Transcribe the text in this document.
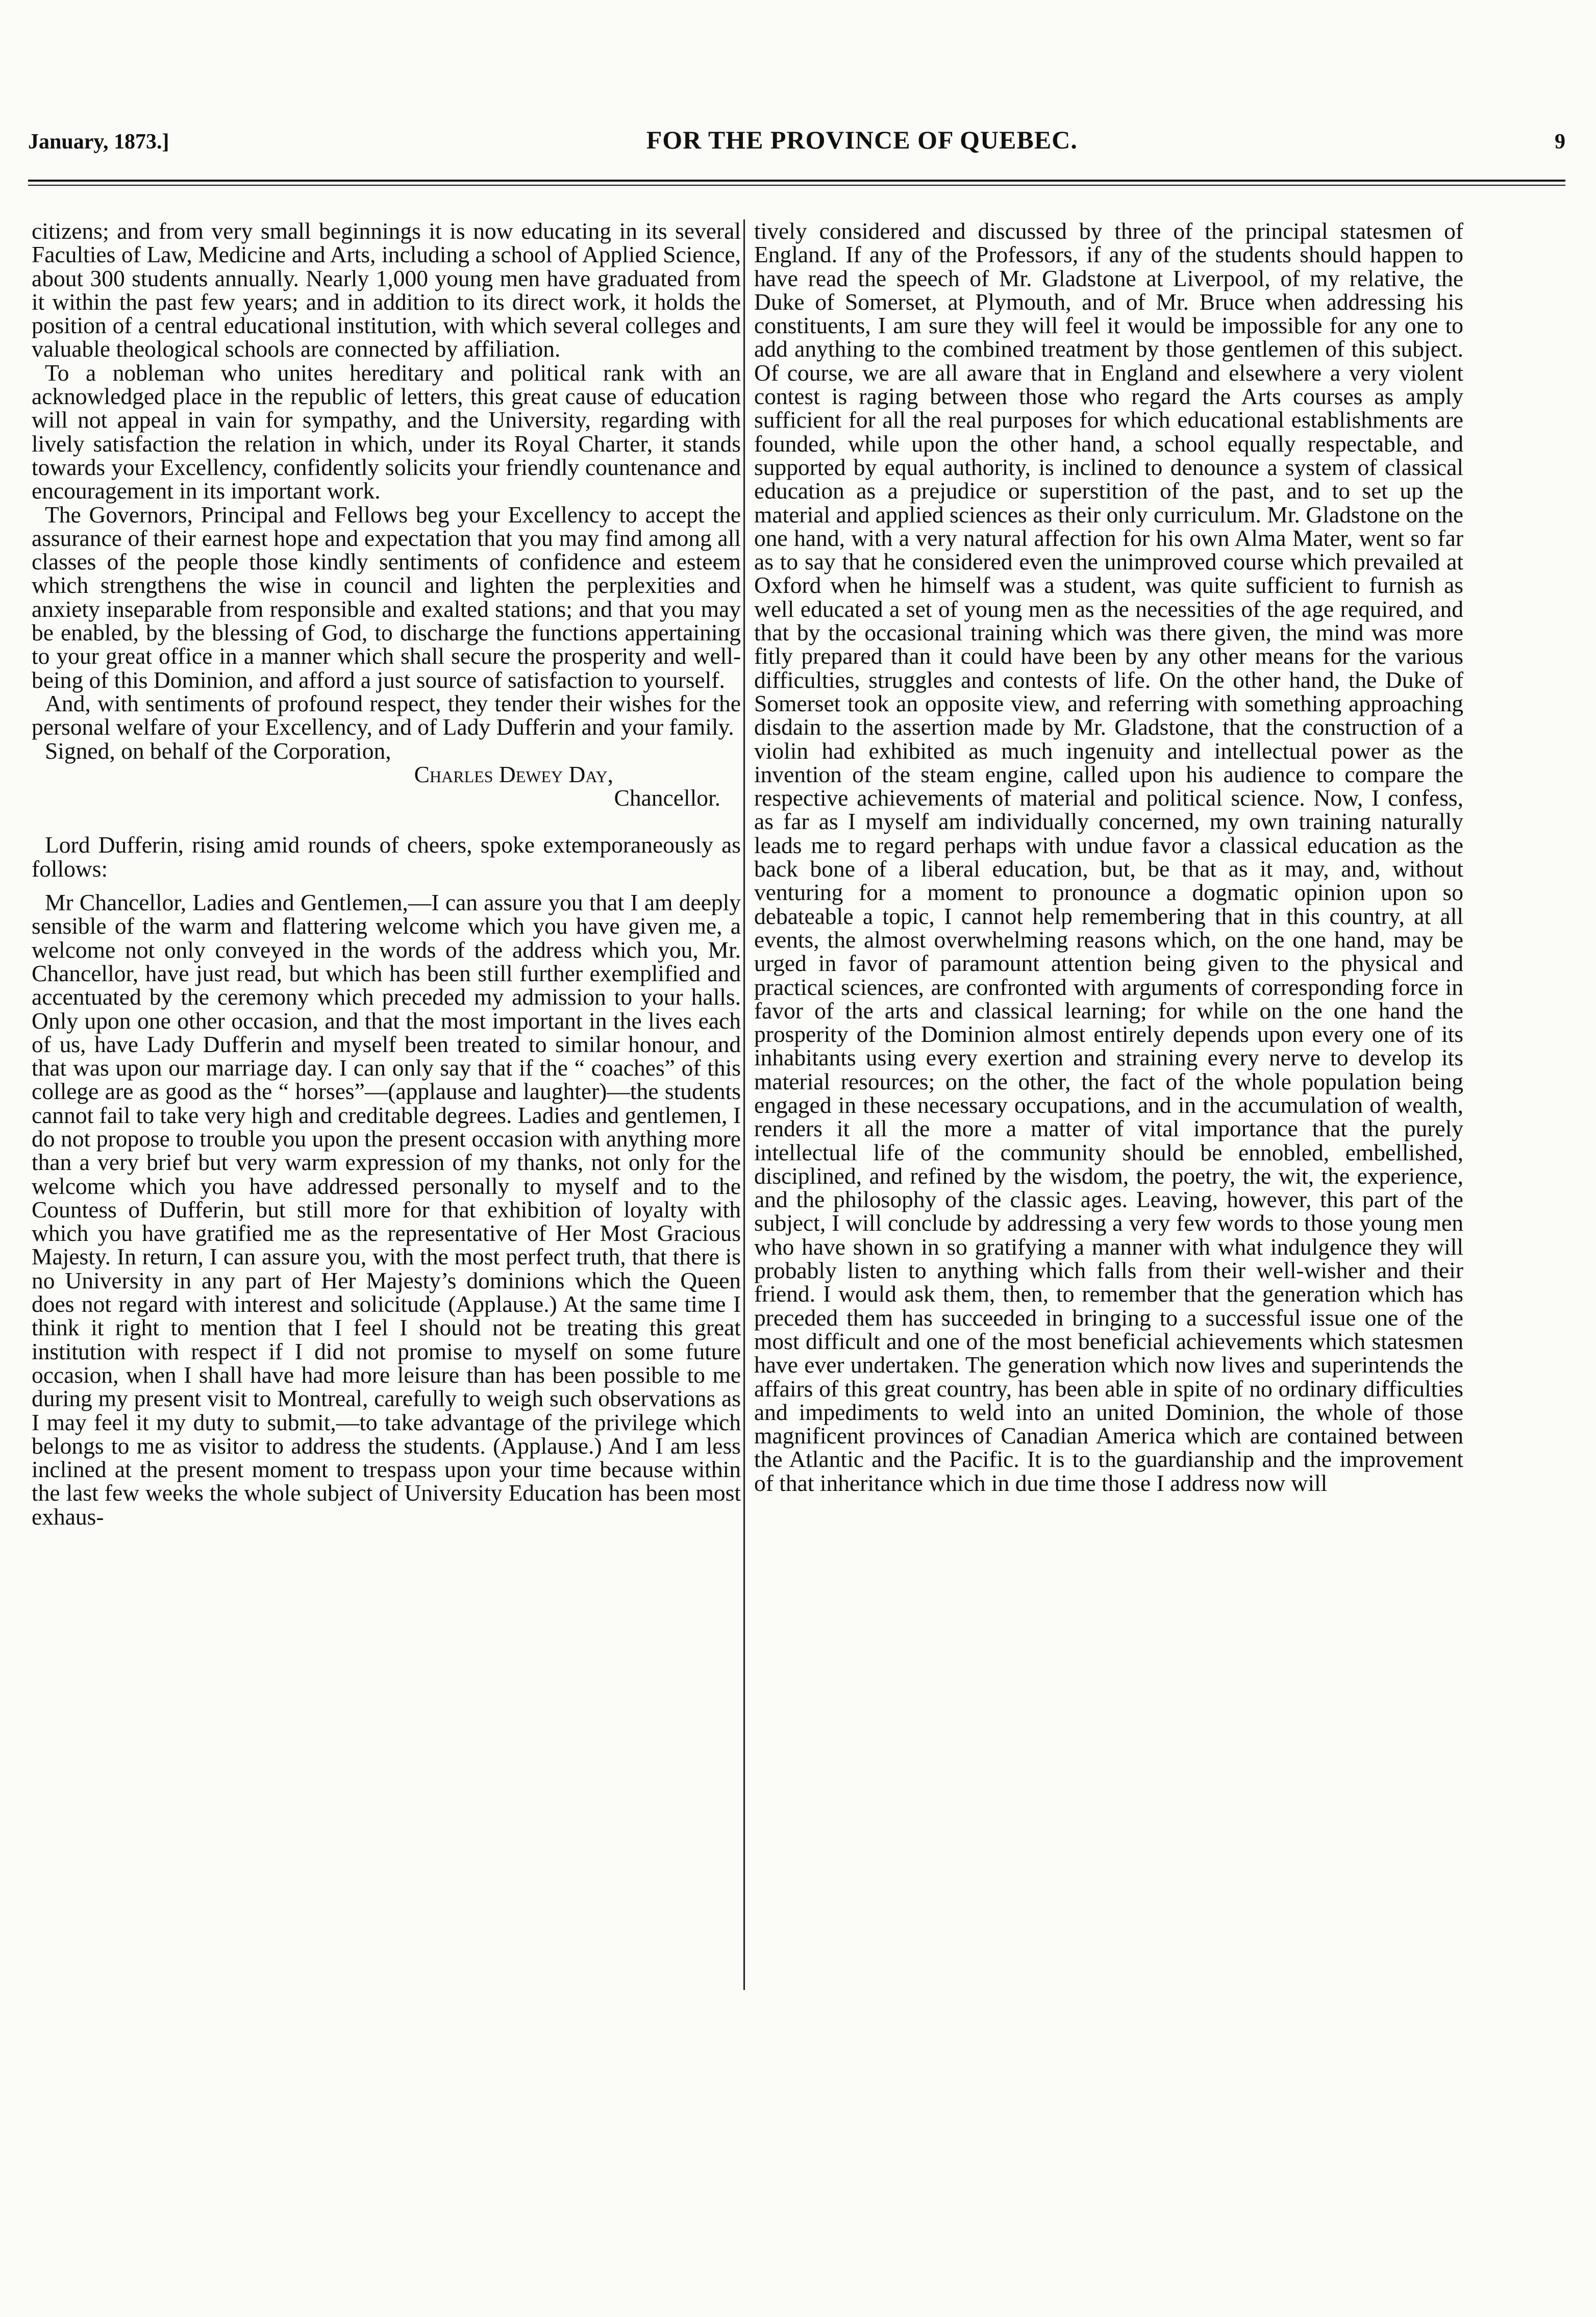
January, 1873.]	FOR THE PROVINCE OF QUEBEC.	9

citizens; and from very small beginnings it is now educating in its several Faculties of Law, Medicine and Arts, including a school of Applied Science, about 300 students annually. Nearly 1,000 young men have graduated from it within the past few years; and in addition to its direct work, it holds the position of a central educational institution, with which several colleges and valuable theological schools are connected by affiliation.

To a nobleman who unites hereditary and political rank with an acknowledged place in the republic of letters, this great cause of education will not appeal in vain for sympathy, and the University, regarding with lively satisfaction the relation in which, under its Royal Charter, it stands towards your Excellency, confidently solicits your friendly countenance and encouragement in its important work.

The Governors, Principal and Fellows beg your Excellency to accept the assurance of their earnest hope and expectation that you may find among all classes of the people those kindly sentiments of confidence and esteem which strengthens the wise in council and lighten the perplexities and anxiety inseparable from responsible and exalted stations; and that you may be enabled, by the blessing of God, to discharge the functions appertaining to your great office in a manner which shall secure the prosperity and well-being of this Dominion, and afford a just source of satisfaction to yourself.

And, with sentiments of profound respect, they tender their wishes for the personal welfare of your Excellency, and of Lady Dufferin and your family.

Signed, on behalf of the Corporation,

Charles Dewey Day,

Chancellor.

Lord Dufferin, rising amid rounds of cheers, spoke extemporaneously as follows:

Mr Chancellor, Ladies and Gentlemen,—I can assure you that I am deeply sensible of the warm and flattering welcome which you have given me, a welcome not only conveyed in the words of the address which you, Mr. Chancellor, have just read, but which has been still further exemplified and accentuated by the ceremony which preceded my admission to your halls. Only upon one other occasion, and that the most important in the lives each of us, have Lady Dufferin and myself been treated to similar honour, and that was upon our marriage day. I can only say that if the “ coaches” of this college are as good as the “ horses”—(applause and laughter)—the students cannot fail to take very high and creditable degrees. Ladies and gentlemen, I do not propose to trouble you upon the present occasion with anything more than a very brief but very warm expression of my thanks, not only for the welcome which you have addressed personally to myself and to the Countess of Dufferin, but still more for that exhibition of loyalty with which you have gratified me as the representative of Her Most Gracious Majesty. In return, I can assure you, with the most perfect truth, that there is no University in any part of Her Majesty’s dominions which the Queen does not regard with interest and solicitude (Applause.) At the same time I think it right to mention that I feel I should not be treating this great institution with respect if I did not promise to myself on some future occasion, when I shall have had more leisure than has been possible to me during my present visit to Montreal, carefully to weigh such observations as I may feel it my duty to submit,—to take advantage of the privilege which belongs to me as visitor to address the students. (Applause.) And I am less inclined at the present moment to trespass upon your time because within the last few weeks the whole subject of University Education has been most exhaus-

tively considered and discussed by three of the principal statesmen of England. If any of the Professors, if any of the students should happen to have read the speech of Mr. Gladstone at Liverpool, of my relative, the Duke of Somerset, at Plymouth, and of Mr. Bruce when addressing his constituents, I am sure they will feel it would be impossible for any one to add anything to the combined treatment by those gentlemen of this subject. Of course, we are all aware that in England and elsewhere a very violent contest is raging between those who regard the Arts courses as amply sufficient for all the real purposes for which educational establishments are founded, while upon the other hand, a school equally respectable, and supported by equal authority, is inclined to denounce a system of classical education as a prejudice or superstition of the past, and to set up the material and applied sciences as their only curriculum. Mr. Gladstone on the one hand, with a very natural affection for his own Alma Mater, went so far as to say that he considered even the unimproved course which prevailed at Oxford when he himself was a student, was quite sufficient to furnish as well educated a set of young men as the necessities of the age required, and that by the occasional training which was there given, the mind was more fitly prepared than it could have been by any other means for the various difficulties, struggles and contests of life. On the other hand, the Duke of Somerset took an opposite view, and referring with something approaching disdain to the assertion made by Mr. Gladstone, that the construction of a violin had exhibited as much ingenuity and intellectual power as the invention of the steam engine, called upon his audience to compare the respective achievements of material and political science. Now, I confess, as far as I myself am individually concerned, my own training naturally leads me to regard perhaps with undue favor a classical education as the back bone of a liberal education, but, be that as it may, and, without venturing for a moment to pronounce a dogmatic opinion upon so debateable a topic, I cannot help remembering that in this country, at all events, the almost overwhelming reasons which, on the one hand, may be urged in favor of paramount attention being given to the physical and practical sciences, are confronted with arguments of corresponding force in favor of the arts and classical learning; for while on the one hand the prosperity of the Dominion almost entirely depends upon every one of its inhabitants using every exertion and straining every nerve to develop its material resources; on the other, the fact of the whole population being engaged in these necessary occupations, and in the accumulation of wealth, renders it all the more a matter of vital importance that the purely intellectual life of the community should be ennobled, embellished, disciplined, and refined by the wisdom, the poetry, the wit, the experience, and the philosophy of the classic ages. Leaving, however, this part of the subject, I will conclude by addressing a very few words to those young men who have shown in so gratifying a manner with what indulgence they will probably listen to anything which falls from their well-wisher and their friend. I would ask them, then, to remember that the generation which has preceded them has succeeded in bringing to a successful issue one of the most difficult and one of the most beneficial achievements which statesmen have ever undertaken. The generation which now lives and superintends the affairs of this great country, has been able in spite of no ordinary difficulties and impediments to weld into an united Dominion, the whole of those magnificent provinces of Canadian America which are contained between the Atlantic and the Pacific. It is to the guardianship and the improvement of that inheritance which in due time those I address now will
